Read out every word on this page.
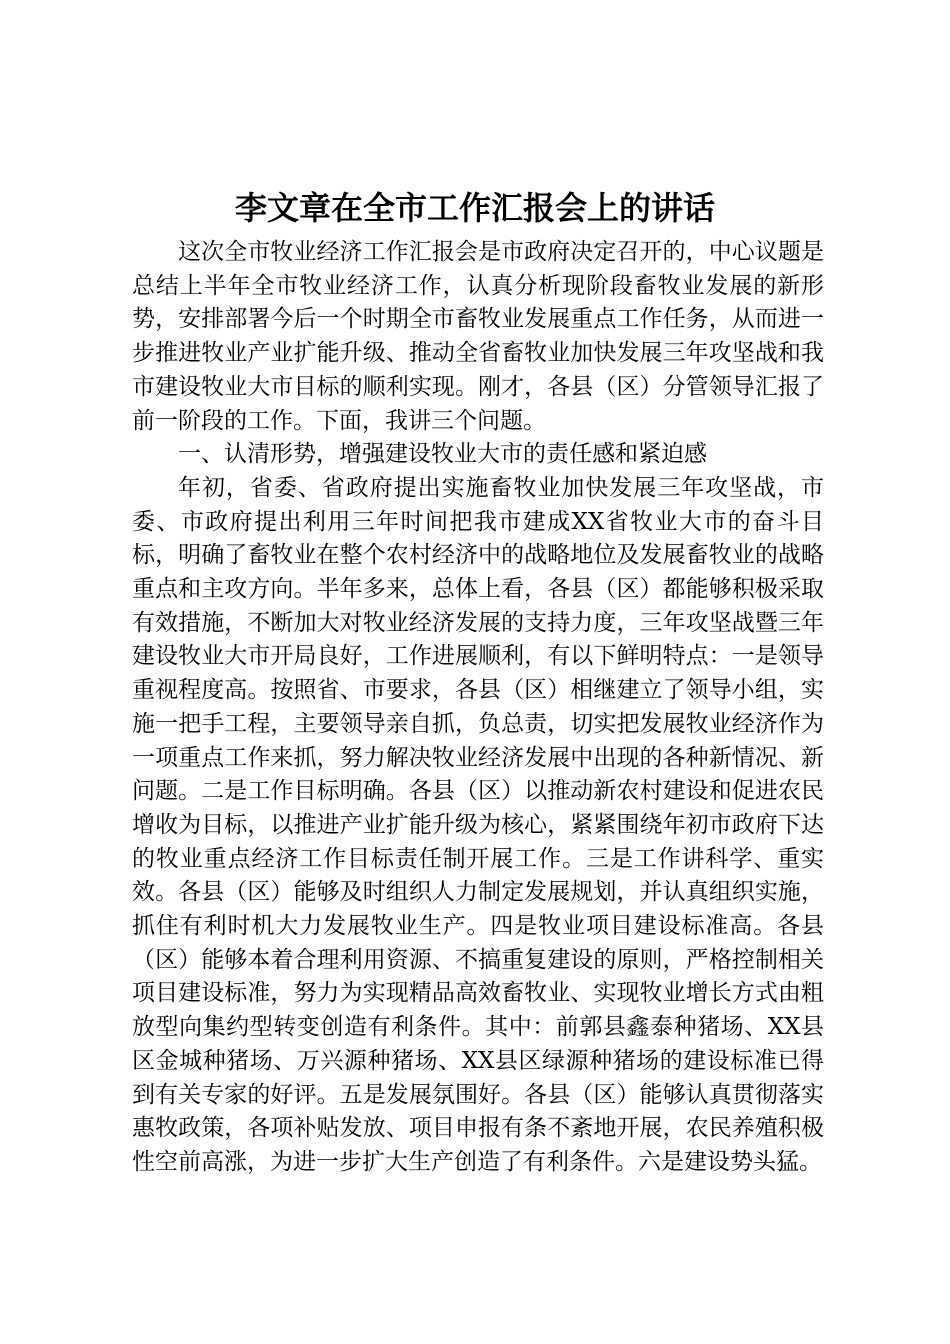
李文章在全市工作汇报会上的讲话

这次全市牧业经济工作汇报会是市政府决定召开的，中心议题是总结上半年全市牧业经济工作，认真分析现阶段畜牧业发展的新形势，安排部署今后一个时期全市畜牧业发展重点工作任务，从而进一步推进牧业产业扩能升级、推动全省畜牧业加快发展三年攻坚战和我市建设牧业大市目标的顺利实现。刚才，各县（区）分管领导汇报了前一阶段的工作。下面，我讲三个问题。

一、认清形势，增强建设牧业大市的责任感和紧迫感

年初，省委、省政府提出实施畜牧业加快发展三年攻坚战，市委、市政府提出利用三年时间把我市建成XX省牧业大市的奋斗目标，明确了畜牧业在整个农村经济中的战略地位及发展畜牧业的战略重点和主攻方向。半年多来，总体上看，各县（区）都能够积极采取有效措施，不断加大对牧业经济发展的支持力度，三年攻坚战暨三年建设牧业大市开局良好，工作进展顺利，有以下鲜明特点：一是领导重视程度高。按照省、市要求，各县（区）相继建立了领导小组，实施一把手工程，主要领导亲自抓，负总责，切实把发展牧业经济作为一项重点工作来抓，努力解决牧业经济发展中出现的各种新情况、新问题。二是工作目标明确。各县（区）以推动新农村建设和促进农民增收为目标，以推进产业扩能升级为核心，紧紧围绕年初市政府下达的牧业重点经济工作目标责任制开展工作。三是工作讲科学、重实效。各县（区）能够及时组织人力制定发展规划，并认真组织实施，抓住有利时机大力发展牧业生产。四是牧业项目建设标准高。各县（区）能够本着合理利用资源、不搞重复建设的原则，严格控制相关项目建设标准，努力为实现精品高效畜牧业、实现牧业增长方式由粗放型向集约型转变创造有利条件。其中：前郭县鑫泰种猪场、XX县区金城种猪场、万兴源种猪场、XX县区绿源种猪场的建设标准已得到有关专家的好评。五是发展氛围好。各县（区）能够认真贯彻落实惠牧政策，各项补贴发放、项目申报有条不紊地开展，农民养殖积极性空前高涨，为进一步扩大生产创造了有利条件。六是建设势头猛。
